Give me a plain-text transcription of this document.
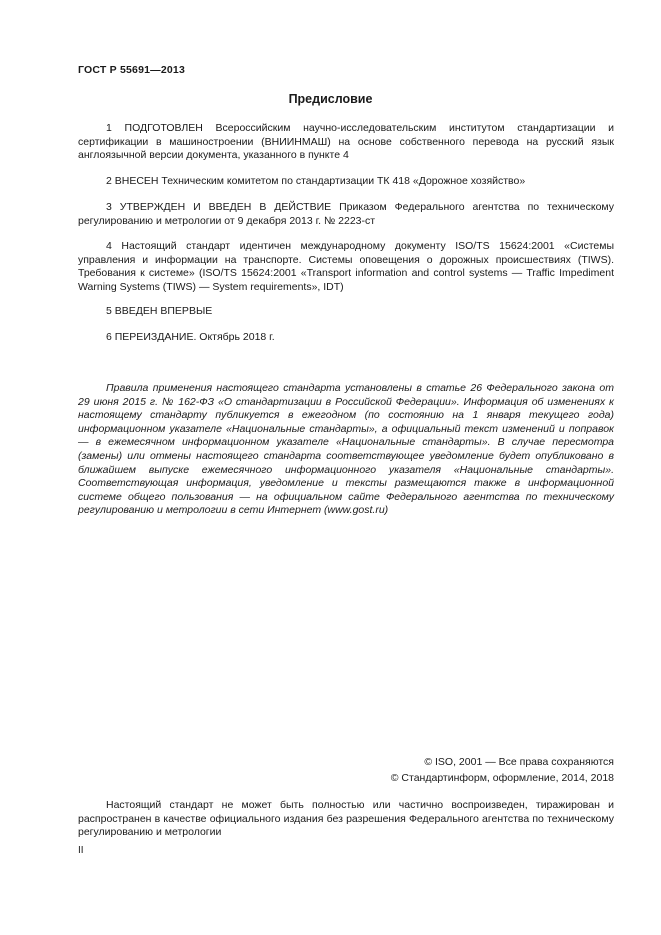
ГОСТ Р 55691—2013
Предисловие
1 ПОДГОТОВЛЕН Всероссийским научно-исследовательским институтом стандартизации и сертификации в машиностроении (ВНИИНМАШ) на основе собственного перевода на русский язык англоязычной версии документа, указанного в пункте 4
2 ВНЕСЕН Техническим комитетом по стандартизации ТК 418 «Дорожное хозяйство»
3 УТВЕРЖДЕН И ВВЕДЕН В ДЕЙСТВИЕ Приказом Федерального агентства по техническому регулированию и метрологии от 9 декабря 2013 г. № 2223-ст
4 Настоящий стандарт идентичен международному документу ISO/TS 15624:2001 «Системы управления и информации на транспорте. Системы оповещения о дорожных происшествиях (TIWS). Требования к системе» (ISO/TS 15624:2001 «Transport information and control systems — Traffic Impediment Warning Systems (TIWS) — System requirements», IDT)
5 ВВЕДЕН ВПЕРВЫЕ
6 ПЕРЕИЗДАНИЕ. Октябрь 2018 г.
Правила применения настоящего стандарта установлены в статье 26 Федерального закона от 29 июня 2015 г. № 162-ФЗ «О стандартизации в Российской Федерации». Информация об изменениях к настоящему стандарту публикуется в ежегодном (по состоянию на 1 января текущего года) информационном указателе «Национальные стандарты», а официальный текст изменений и поправок — в ежемесячном информационном указателе «Национальные стандарты». В случае пересмотра (замены) или отмены настоящего стандарта соответствующее уведомление будет опубликовано в ближайшем выпуске ежемесячного информационного указателя «Национальные стандарты». Соответствующая информация, уведомление и тексты размещаются также в информационной системе общего пользования — на официальном сайте Федерального агентства по техническому регулированию и метрологии в сети Интернет (www.gost.ru)
© ISO, 2001 — Все права сохраняются
© Стандартинформ, оформление, 2014, 2018
Настоящий стандарт не может быть полностью или частично воспроизведен, тиражирован и распространен в качестве официального издания без разрешения Федерального агентства по техническому регулированию и метрологии
II
